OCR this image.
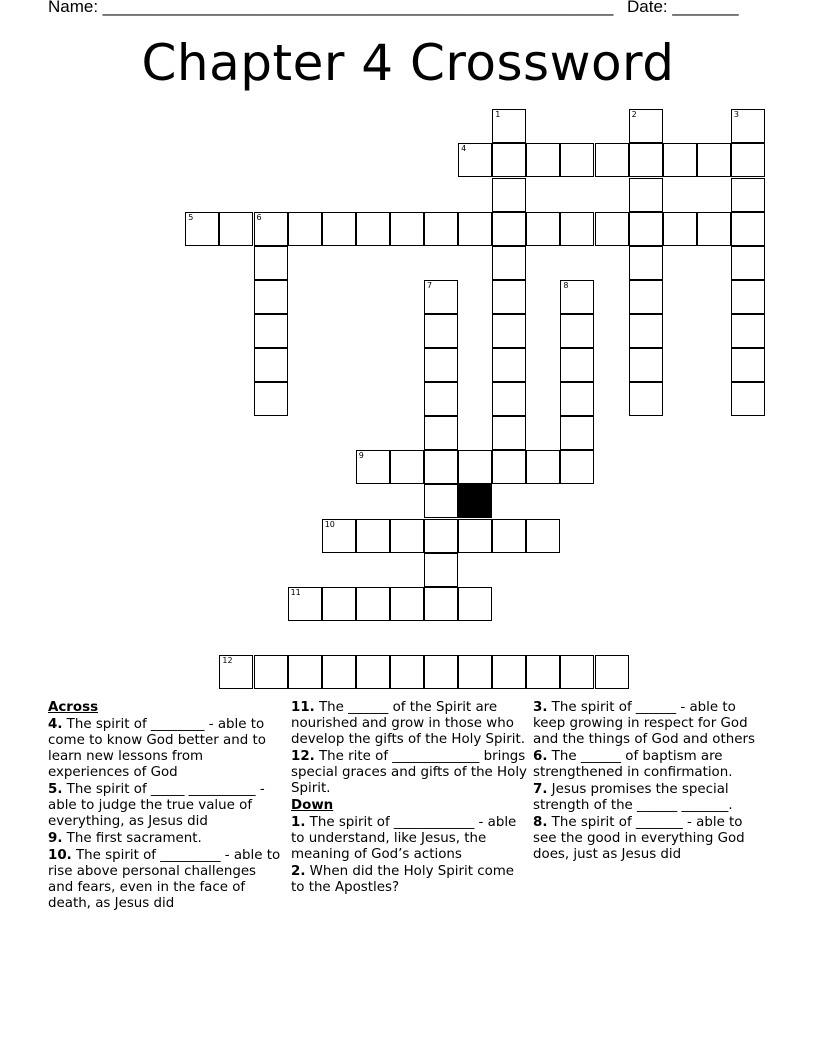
Name: ______________________________________________________ Date: _______
Chapter 4 Crossword
1	2	3
4
5	6
7	8
9
10
11
12

Across

4. The spirit of ________ - able to come to know God better and to learn new lessons from experiences of God

5. The spirit of _____ __________ - able to judge the true value of everything, as Jesus did

9. The first sacrament.

10. The spirit of _________ - able to rise above personal challenges and fears, even in the face of death, as Jesus did

11. The ______ of the Spirit are nourished and grow in those who develop the gifts of the Holy Spirit.

12. The rite of _____________ brings special graces and gifts of the Holy Spirit.

Down

1. The spirit of ____________ - able to understand, like Jesus, the meaning of God’s actions

2. When did the Holy Spirit come to the Apostles?

3. The spirit of ______ - able to keep growing in respect for God and the things of God and others

6. The ______ of baptism are strengthened in confirmation.

7. Jesus promises the special strength of the ______ _______.

8. The spirit of _______ - able to see the good in everything God does, just as Jesus did
